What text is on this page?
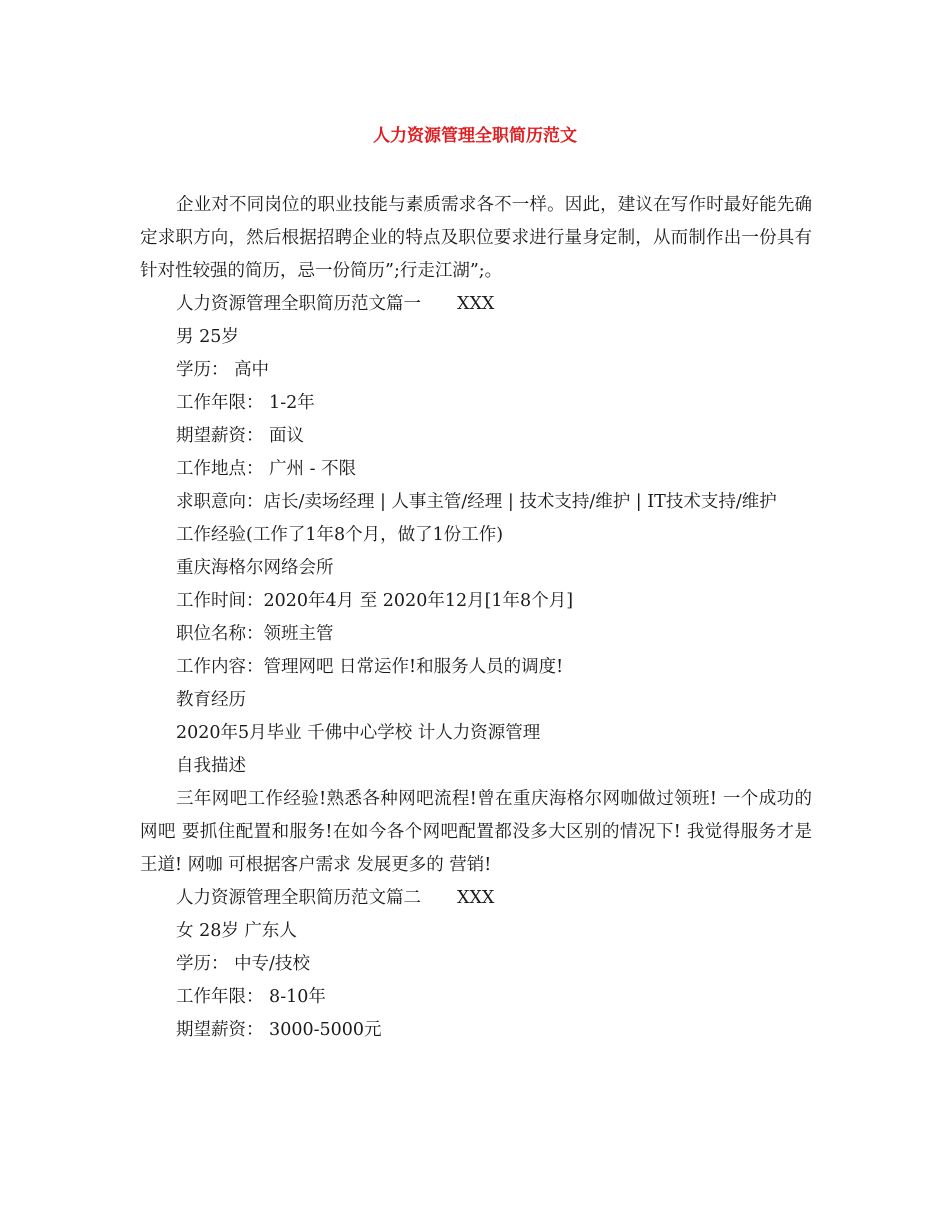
人力资源管理全职简历范文

企业对不同岗位的职业技能与素质需求各不一样。因此，建议在写作时最好能先确定求职方向，然后根据招聘企业的特点及职位要求进行量身定制，从而制作出一份具有针对性较强的简历，忌一份简历”;行走江湖”;。

人力资源管理全职简历范文篇一 XXX
男 25岁
学历： 高中
工作年限： 1-2年
期望薪资： 面议
工作地点： 广州 - 不限

求职意向：店长/卖场经理 | 人事主管/经理 | 技术支持/维护 | IT技术支持/维护

工作经验(工作了1年8个月，做了1份工作)
重庆海格尔网络会所
工作时间：2020年4月 至 2020年12月[1年8个月]
职位名称：领班主管
工作内容：管理网吧 日常运作!和服务人员的调度!
教育经历
2020年5月毕业 千佛中心学校 计人力资源管理
自我描述

三年网吧工作经验!熟悉各种网吧流程!曾在重庆海格尔网咖做过领班! 一个成功的网吧 要抓住配置和服务!在如今各个网吧配置都没多大区别的情况下! 我觉得服务才是王道! 网咖 可根据客户需求 发展更多的 营销!

人力资源管理全职简历范文篇二 XXX
女 28岁 广东人
学历： 中专/技校
工作年限： 8-10年
期望薪资： 3000-5000元
